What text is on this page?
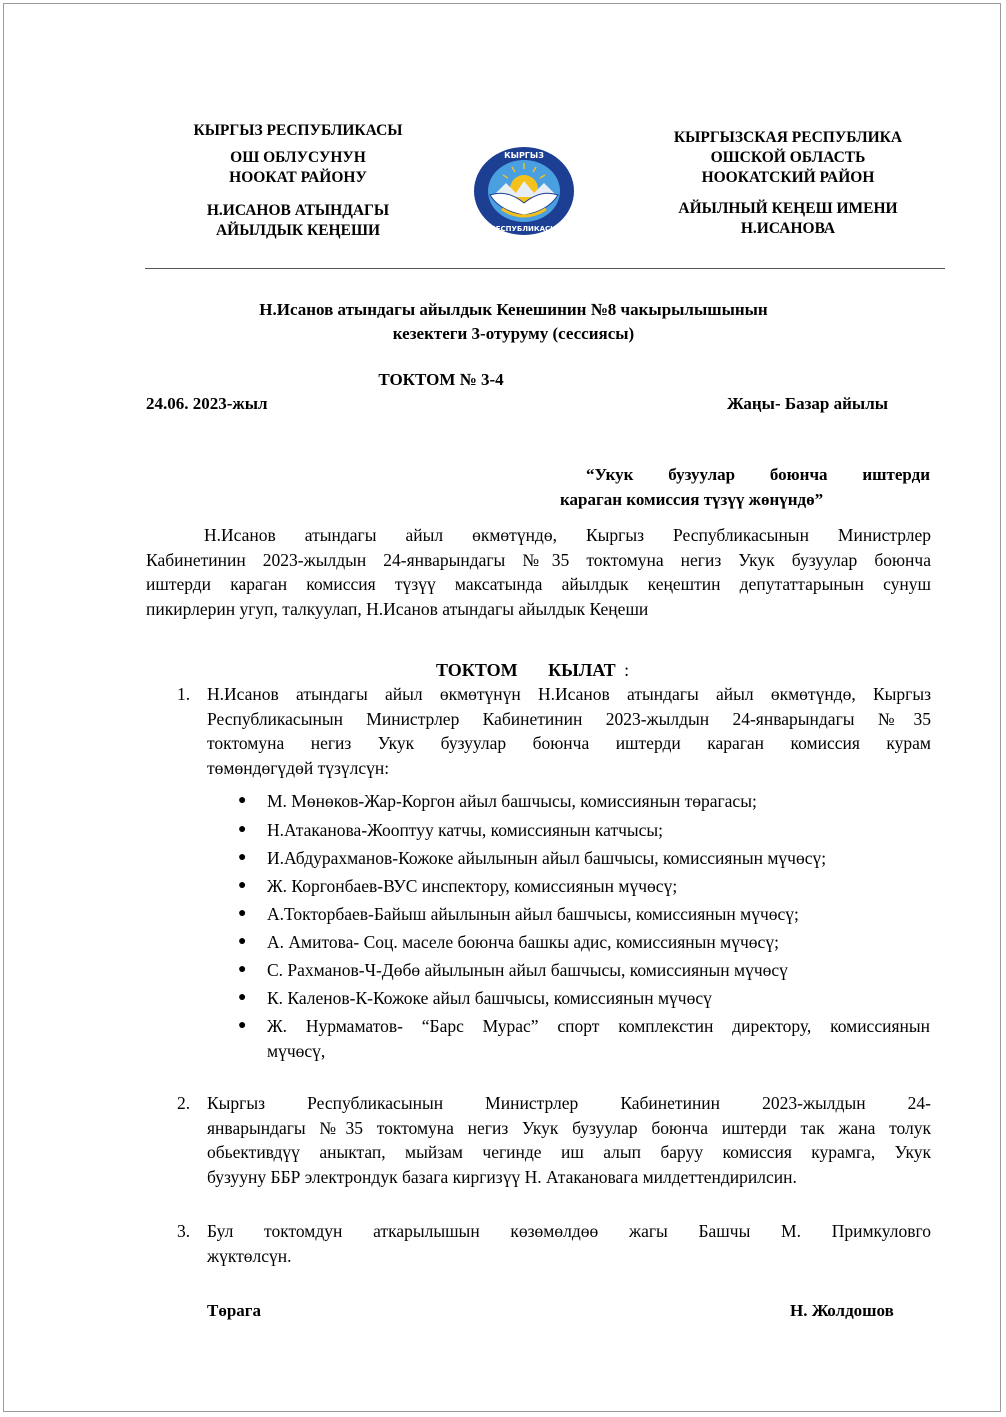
КЫРГЫЗ РЕСПУБЛИКАСЫ
ОШ ОБЛУСУНУН
НООКАТ РАЙОНУ
Н.ИСАНОВ АТЫНДАГЫ
АЙЫЛДЫК КЕҢЕШИ
КЫРГЫЗ
РЕСПУБЛИКАСЫ
КЫРГЫЗСКАЯ РЕСПУБЛИКА
ОШСКОЙ ОБЛАСТЬ
НООКАТСКИЙ РАЙОН
АЙЫЛНЫЙ КЕҢЕШ ИМЕНИ
Н.ИСАНОВА
Н.Исанов атындагы айылдык Кенешинин №8 чакырылышынын
кезектеги 3-отуруму (сессиясы)
ТОКТОМ № 3-4
24.06. 2023-жыл	Жаңы- Базар айылы
“Укук бузуулар боюнча иштерди
караган комиссия түзүү жөнүндө”
Н.Исанов атындагы айыл өкмөтүндө, Кыргыз Республикасынын Министрлер
Кабинетинин 2023-жылдын 24-январындагы №35 токтомуна негиз Укук бузуулар боюнча
иштерди караган комиссия түзүү максатында айылдык кеңештин депутаттарынын сунуш
пикирлерин угуп, талкуулап, Н.Исанов атындагы айылдык Кеңеши
ТОКТОМ КЫЛАТ :
1. Н.Исанов атындагы айыл өкмөтүнүн Н.Исанов атындагы айыл өкмөтүндө, Кыргыз
Республикасынын Министрлер Кабинетинин 2023-жылдын 24-январындагы №35
токтомуна негиз Укук бузуулар боюнча иштерди караган комиссия курам
төмөндөгүдөй түзүлсүн:
●	М. Мөнөков-Жар-Коргон айыл башчысы, комиссиянын төрагасы;
●	Н.Атаканова-Жоoптуу катчы, комиссиянын катчысы;
●	И.Абдурахманов-Кожоке айылынын айыл башчысы, комиссиянын мүчөсү;
●	Ж. Коргонбаев-ВУС инспектору, комиссиянын мүчөсү;
●	А.Токторбаев-Байыш айылынын айыл башчысы, комиссиянын мүчөсү;
●	А. Амитова- Соц. маселе боюнча башкы адис, комиссиянын мүчөсү;
●	С. Рахманов-Ч-Дөбө айылынын айыл башчысы, комиссиянын мүчөсү
●	К. Каленов-К-Кожоке айыл башчысы, комиссиянын мүчөсү
●	Ж. Нурмаматов- “Барс Мурас” спорт комплекстин директору, комиссиянын
мүчөсү,
2. Кыргыз Республикасынын Министрлер Кабинетинин 2023-жылдын 24-
январындагы №35 токтомуна негиз Укук бузуулар боюнча иштерди так жана толук
обьективдүү аныктап, мыйзам чегинде иш алып баруу комиссия курамга, Укук
бузууну ББР электрондук базага киргизүү Н. Атакановага милдеттендирилсин.
3. Бул токтомдун аткарылышын көзөмөлдөө жагы Башчы М. Примкуловго
жүктөлсүн.
Төрага	Н. Жолдошов
